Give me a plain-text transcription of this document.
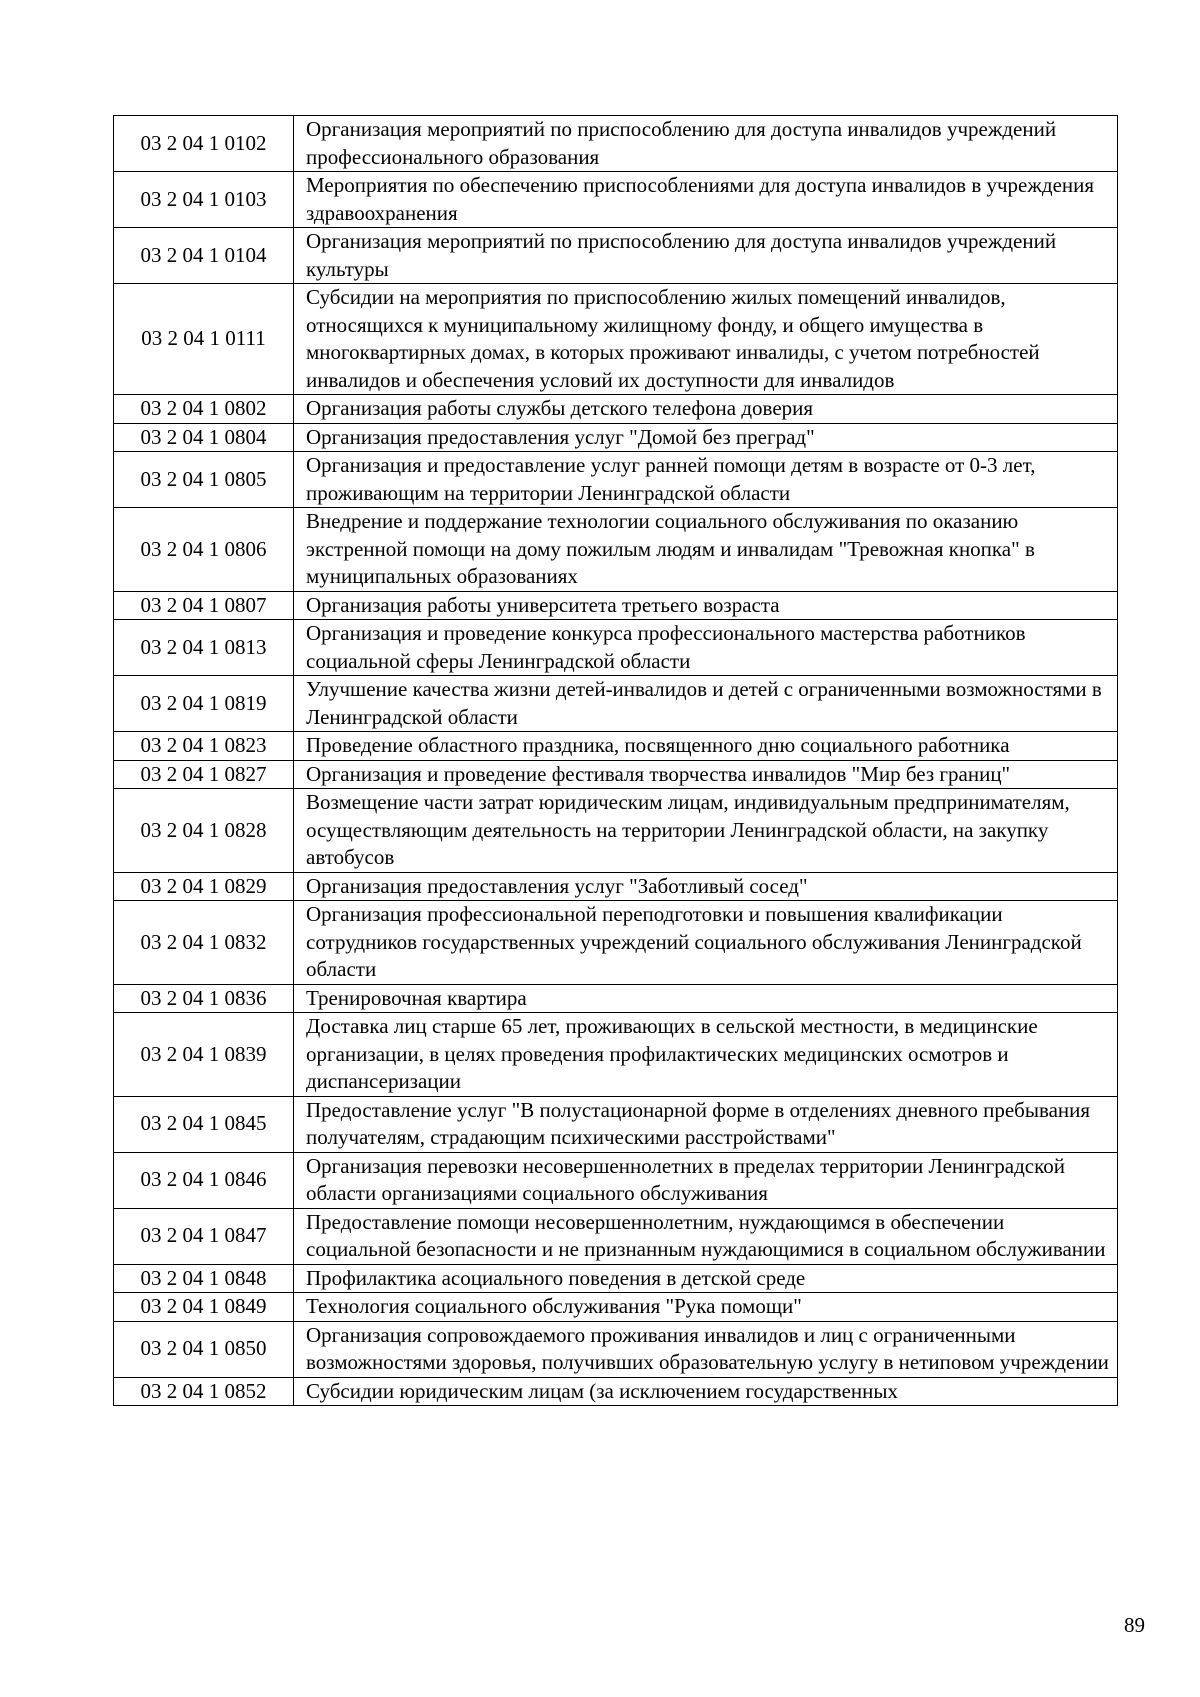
03 2 04 1 0102	Организация мероприятий по приспособлению для доступа инвалидов учреждений профессионального образования
03 2 04 1 0103	Мероприятия по обеспечению приспособлениями для доступа инвалидов в учреждения здравоохранения
03 2 04 1 0104	Организация мероприятий по приспособлению для доступа инвалидов учреждений культуры
03 2 04 1 0111	Субсидии на мероприятия по приспособлению жилых помещений инвалидов, относящихся к муниципальному жилищному фонду, и общего имущества в многоквартирных домах, в которых проживают инвалиды, с учетом потребностей инвалидов и обеспечения условий их доступности для инвалидов
03 2 04 1 0802	Организация работы службы детского телефона доверия
03 2 04 1 0804	Организация предоставления услуг "Домой без преград"
03 2 04 1 0805	Организация и предоставление услуг ранней помощи детям в возрасте от 0-3 лет, проживающим на территории Ленинградской области
03 2 04 1 0806	Внедрение и поддержание технологии социального обслуживания по оказанию экстренной помощи на дому пожилым людям и инвалидам "Тревожная кнопка" в муниципальных образованиях
03 2 04 1 0807	Организация работы университета третьего возраста
03 2 04 1 0813	Организация и проведение конкурса профессионального мастерства работников социальной сферы Ленинградской области
03 2 04 1 0819	Улучшение качества жизни детей-инвалидов и детей с ограниченными возможностями в Ленинградской области
03 2 04 1 0823	Проведение областного праздника, посвященного дню социального работника
03 2 04 1 0827	Организация и проведение фестиваля творчества инвалидов "Мир без границ"
03 2 04 1 0828	Возмещение части затрат юридическим лицам, индивидуальным предпринимателям, осуществляющим деятельность на территории Ленинградской области, на закупку автобусов
03 2 04 1 0829	Организация предоставления услуг "Заботливый сосед"
03 2 04 1 0832	Организация профессиональной переподготовки и повышения квалификации сотрудников государственных учреждений социального обслуживания Ленинградской области
03 2 04 1 0836	Тренировочная квартира
03 2 04 1 0839	Доставка лиц старше 65 лет, проживающих в сельской местности, в медицинские организации, в целях проведения профилактических медицинских осмотров и диспансеризации
03 2 04 1 0845	Предоставление услуг "В полустационарной форме в отделениях дневного пребывания получателям, страдающим психическими расстройствами"
03 2 04 1 0846	Организация перевозки несовершеннолетних в пределах территории Ленинградской области организациями социального обслуживания
03 2 04 1 0847	Предоставление помощи несовершеннолетним, нуждающимся в обеспечении социальной безопасности и не признанным нуждающимися в социальном обслуживании
03 2 04 1 0848	Профилактика асоциального поведения в детской среде
03 2 04 1 0849	Технология социального обслуживания "Рука помощи"
03 2 04 1 0850	Организация сопровождаемого проживания инвалидов и лиц с ограниченными возможностями здоровья, получивших образовательную услугу в нетиповом учреждении
03 2 04 1 0852	Субсидии юридическим лицам (за исключением государственных
89
